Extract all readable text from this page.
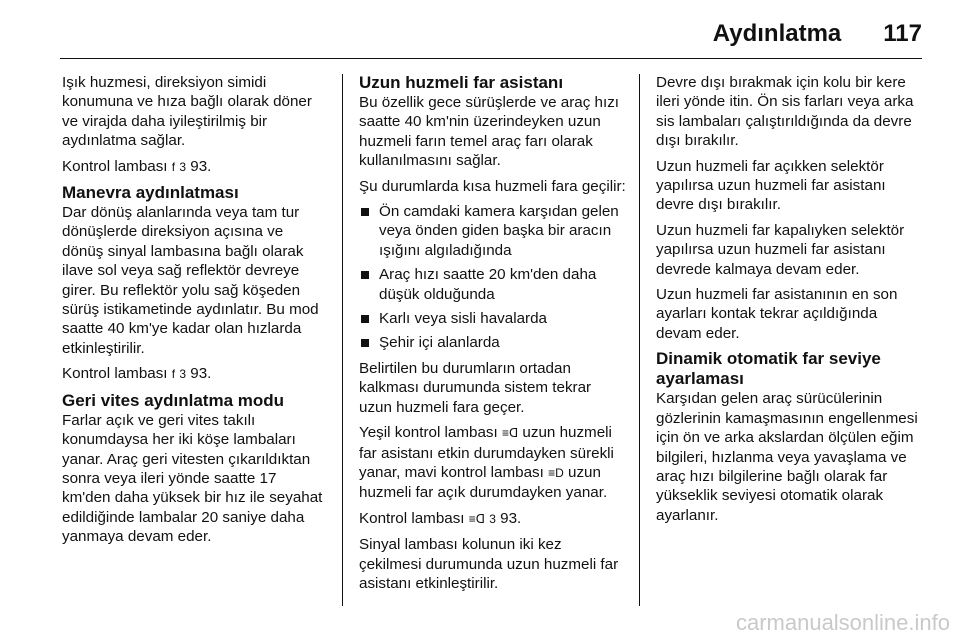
Aydınlatma 117

Işık huzmesi, direksiyon simidi konumuna ve hıza bağlı olarak döner ve virajda daha iyileştirilmiş bir aydınlatma sağlar.

Kontrol lambası f 3 93.

Manevra aydınlatması

Dar dönüş alanlarında veya tam tur dönüşlerde direksiyon açısına ve dönüş sinyal lambasına bağlı olarak ilave sol veya sağ reflektör devreye girer. Bu reflektör yolu sağ köşeden sürüş istikametinde aydınlatır. Bu mod saatte 40 km'ye kadar olan hızlarda etkinleştirilir.

Kontrol lambası f 3 93.

Geri vites aydınlatma modu

Farlar açık ve geri vites takılı konumdaysa her iki köşe lambaları yanar. Araç geri vitesten çıkarıldıktan sonra veya ileri yönde saatte 17 km'den daha yüksek bir hız ile seyahat edildiğinde lambalar 20 saniye daha yanmaya devam eder.

Uzun huzmeli far asistanı

Bu özellik gece sürüşlerde ve araç hızı saatte 40 km'nin üzerindeyken uzun huzmeli farın temel araç farı olarak kullanılmasını sağlar.

Şu durumlarda kısa huzmeli fara geçilir:

Ön camdaki kamera karşıdan gelen veya önden giden başka bir aracın ışığını algıladığında
Araç hızı saatte 20 km'den daha düşük olduğunda
Karlı veya sisli havalarda
Şehir içi alanlarda

Belirtilen bu durumların ortadan kalkması durumunda sistem tekrar uzun huzmeli fara geçer.

Yeşil kontrol lambası ≡ᗡ uzun huzmeli far asistanı etkin durumdayken sürekli yanar, mavi kontrol lambası ≡D uzun huzmeli far açık durumdayken yanar.

Kontrol lambası ≡ᗡ 3 93.

Sinyal lambası kolunun iki kez çekilmesi durumunda uzun huzmeli far asistanı etkinleştirilir.

Devre dışı bırakmak için kolu bir kere ileri yönde itin. Ön sis farları veya arka sis lambaları çalıştırıldığında da devre dışı bırakılır.

Uzun huzmeli far açıkken selektör yapılırsa uzun huzmeli far asistanı devre dışı bırakılır.

Uzun huzmeli far kapalıyken selektör yapılırsa uzun huzmeli far asistanı devrede kalmaya devam eder.

Uzun huzmeli far asistanının en son ayarları kontak tekrar açıldığında devam eder.

Dinamik otomatik far seviye ayarlaması

Karşıdan gelen araç sürücülerinin gözlerinin kamaşmasının engellenmesi için ön ve arka akslardan ölçülen eğim bilgileri, hızlanma veya yavaşlama ve araç hızı bilgilerine bağlı olarak far yükseklik seviyesi otomatik olarak ayarlanır.

carmanualsonline.info
